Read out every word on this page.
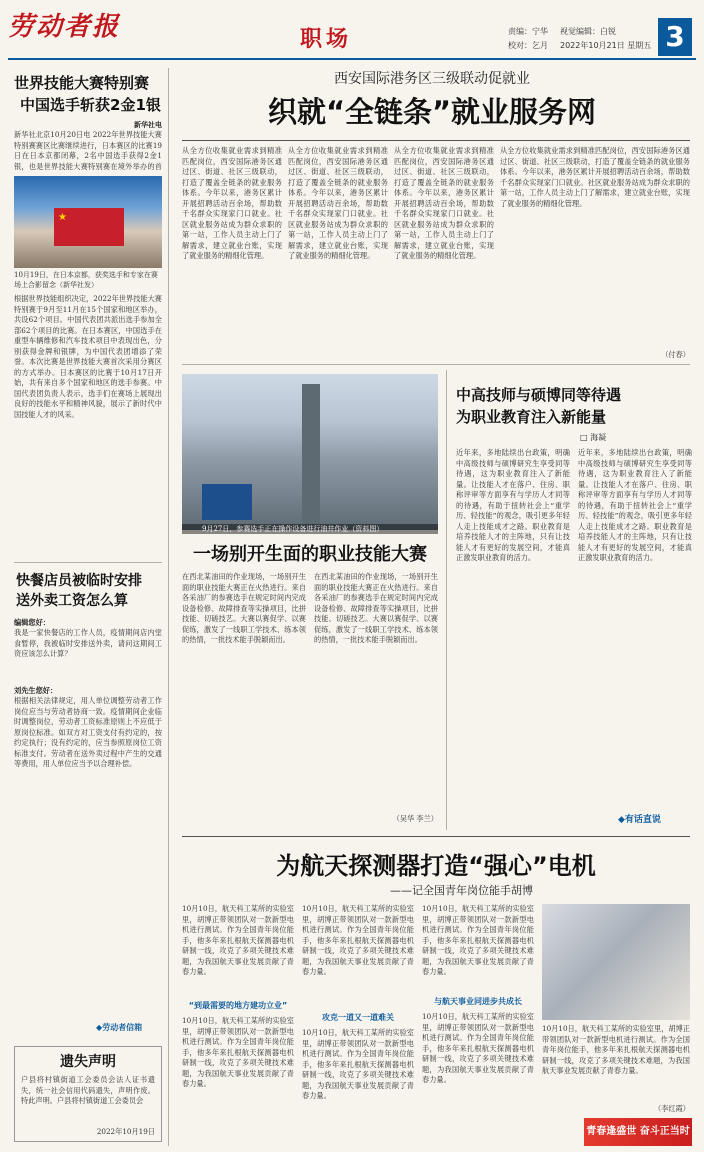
劳动者报	职场	责编：宁华 视觉编辑：白锐
校对：乞月 2022年10月21日 星期五 3
世界技能大赛特别赛
中国选手斩获2金1银
新华社电
新华社北京10月20日电 2022年世界技能大赛特别赛赛区比赛继续进行，日本赛区的比赛19日在日本京都闭幕，2名中国选手获得2金1银，也是世界技能大赛特别赛在境外举办的首
★
10月19日，在日本京都，获奖选手和专家在赛场上合影留念（新华社发）
根据世界技能组织决定，2022年世界技能大赛特别赛于9月至11月在15个国家和地区举办，共设62个项目。中国代表团共派出选手参加全部62个项目的比赛。在日本赛区，中国选手在重型车辆维修和汽车技术项目中表现出色，分别获得金牌和银牌，为中国代表团增添了荣誉。本次比赛是世界技能大赛首次采用分赛区的方式举办。日本赛区的比赛于10月17日开始，共有来自多个国家和地区的选手参赛。中国代表团负责人表示，选手们在赛场上展现出良好的技能水平和精神风貌，展示了新时代中国技能人才的风采。
快餐店员被临时安排
送外卖工资怎么算
编辑您好：
我是一家快餐店的工作人员，疫情期间店内堂食暂停，我被临时安排送外卖，请问这期间工资应该怎么计算？
刘先生您好：
根据相关法律规定，用人单位调整劳动者工作岗位应当与劳动者协商一致。疫情期间企业临时调整岗位，劳动者工资标准原则上不应低于原岗位标准。如双方对工资支付有约定的，按约定执行；没有约定的，应当参照原岗位工资标准支付。劳动者在送外卖过程中产生的交通等费用，用人单位应当予以合理补偿。
◆劳动者信箱
遗失声明
户县将村镇街道工会委员会法人证书遗失，统一社会信用代码遗失，声明作废。特此声明。户县将村镇街道工会委员会
2022年10月19日
西安国际港务区三级联动促就业
织就“全链条”就业服务网
从全方位收集就业需求到精准匹配岗位，西安国际港务区通过区、街道、社区三级联动，打造了覆盖全链条的就业服务体系。今年以来，港务区累计开展招聘活动百余场，帮助数千名群众实现家门口就业。社区就业服务站成为群众求职的第一站，工作人员主动上门了解需求，建立就业台账，实现了就业服务的精细化管理。
从全方位收集就业需求到精准匹配岗位，西安国际港务区通过区、街道、社区三级联动，打造了覆盖全链条的就业服务体系。今年以来，港务区累计开展招聘活动百余场，帮助数千名群众实现家门口就业。社区就业服务站成为群众求职的第一站，工作人员主动上门了解需求，建立就业台账，实现了就业服务的精细化管理。
从全方位收集就业需求到精准匹配岗位，西安国际港务区通过区、街道、社区三级联动，打造了覆盖全链条的就业服务体系。今年以来，港务区累计开展招聘活动百余场，帮助数千名群众实现家门口就业。社区就业服务站成为群众求职的第一站，工作人员主动上门了解需求，建立就业台账，实现了就业服务的精细化管理。
从全方位收集就业需求到精准匹配岗位，西安国际港务区通过区、街道、社区三级联动，打造了覆盖全链条的就业服务体系。今年以来，港务区累计开展招聘活动百余场，帮助数千名群众实现家门口就业。社区就业服务站成为群众求职的第一站，工作人员主动上门了解需求，建立就业台账，实现了就业服务的精细化管理。
（付春）
9月27日，参赛选手正在操作设备进行油井作业（资料图）
一场别开生面的职业技能大赛
在西北某油田的作业现场，一场别开生面的职业技能大赛正在火热进行。来自各采油厂的参赛选手在规定时间内完成设备检修、故障排查等实操项目，比拼技能、切磋技艺。大赛以赛促学、以赛促练，激发了一线职工学技术、练本领的热情，一批技术能手脱颖而出。
在西北某油田的作业现场，一场别开生面的职业技能大赛正在火热进行。来自各采油厂的参赛选手在规定时间内完成设备检修、故障排查等实操项目，比拼技能、切磋技艺。大赛以赛促学、以赛促练，激发了一线职工学技术、练本领的热情，一批技术能手脱颖而出。
（吴华 李兰）
中高技师与硕博同等待遇
为职业教育注入新能量
□ 海凝
近年来，多地陆续出台政策，明确中高级技师与硕博研究生享受同等待遇，这为职业教育注入了新能量。让技能人才在落户、住房、职称评审等方面享有与学历人才同等的待遇，有助于扭转社会上“重学历、轻技能”的观念，吸引更多年轻人走上技能成才之路。职业教育是培养技能人才的主阵地，只有让技能人才有更好的发展空间，才能真正激发职业教育的活力。
近年来，多地陆续出台政策，明确中高级技师与硕博研究生享受同等待遇，这为职业教育注入了新能量。让技能人才在落户、住房、职称评审等方面享有与学历人才同等的待遇，有助于扭转社会上“重学历、轻技能”的观念，吸引更多年轻人走上技能成才之路。职业教育是培养技能人才的主阵地，只有让技能人才有更好的发展空间，才能真正激发职业教育的活力。
◆有话直说
为航天探测器打造“强心”电机
——记全国青年岗位能手胡博
10月10日，航天科工某所的实验室里，胡博正带领团队对一款新型电机进行测试。作为全国青年岗位能手，他多年来扎根航天探测器电机研制一线，攻克了多项关键技术难题，为我国航天事业发展贡献了青春力量。
“到最需要的地方建功立业”
10月10日，航天科工某所的实验室里，胡博正带领团队对一款新型电机进行测试。作为全国青年岗位能手，他多年来扎根航天探测器电机研制一线，攻克了多项关键技术难题，为我国航天事业发展贡献了青春力量。
10月10日，航天科工某所的实验室里，胡博正带领团队对一款新型电机进行测试。作为全国青年岗位能手，他多年来扎根航天探测器电机研制一线，攻克了多项关键技术难题，为我国航天事业发展贡献了青春力量。
攻克一道又一道难关
10月10日，航天科工某所的实验室里，胡博正带领团队对一款新型电机进行测试。作为全国青年岗位能手，他多年来扎根航天探测器电机研制一线，攻克了多项关键技术难题，为我国航天事业发展贡献了青春力量。
10月10日，航天科工某所的实验室里，胡博正带领团队对一款新型电机进行测试。作为全国青年岗位能手，他多年来扎根航天探测器电机研制一线，攻克了多项关键技术难题，为我国航天事业发展贡献了青春力量。
与航天事业同进步共成长
10月10日，航天科工某所的实验室里，胡博正带领团队对一款新型电机进行测试。作为全国青年岗位能手，他多年来扎根航天探测器电机研制一线，攻克了多项关键技术难题，为我国航天事业发展贡献了青春力量。
10月10日，航天科工某所的实验室里，胡博正带领团队对一款新型电机进行测试。作为全国青年岗位能手，他多年来扎根航天探测器电机研制一线，攻克了多项关键技术难题，为我国航天事业发展贡献了青春力量。
（李红霞）
青春逢盛世 奋斗正当时
